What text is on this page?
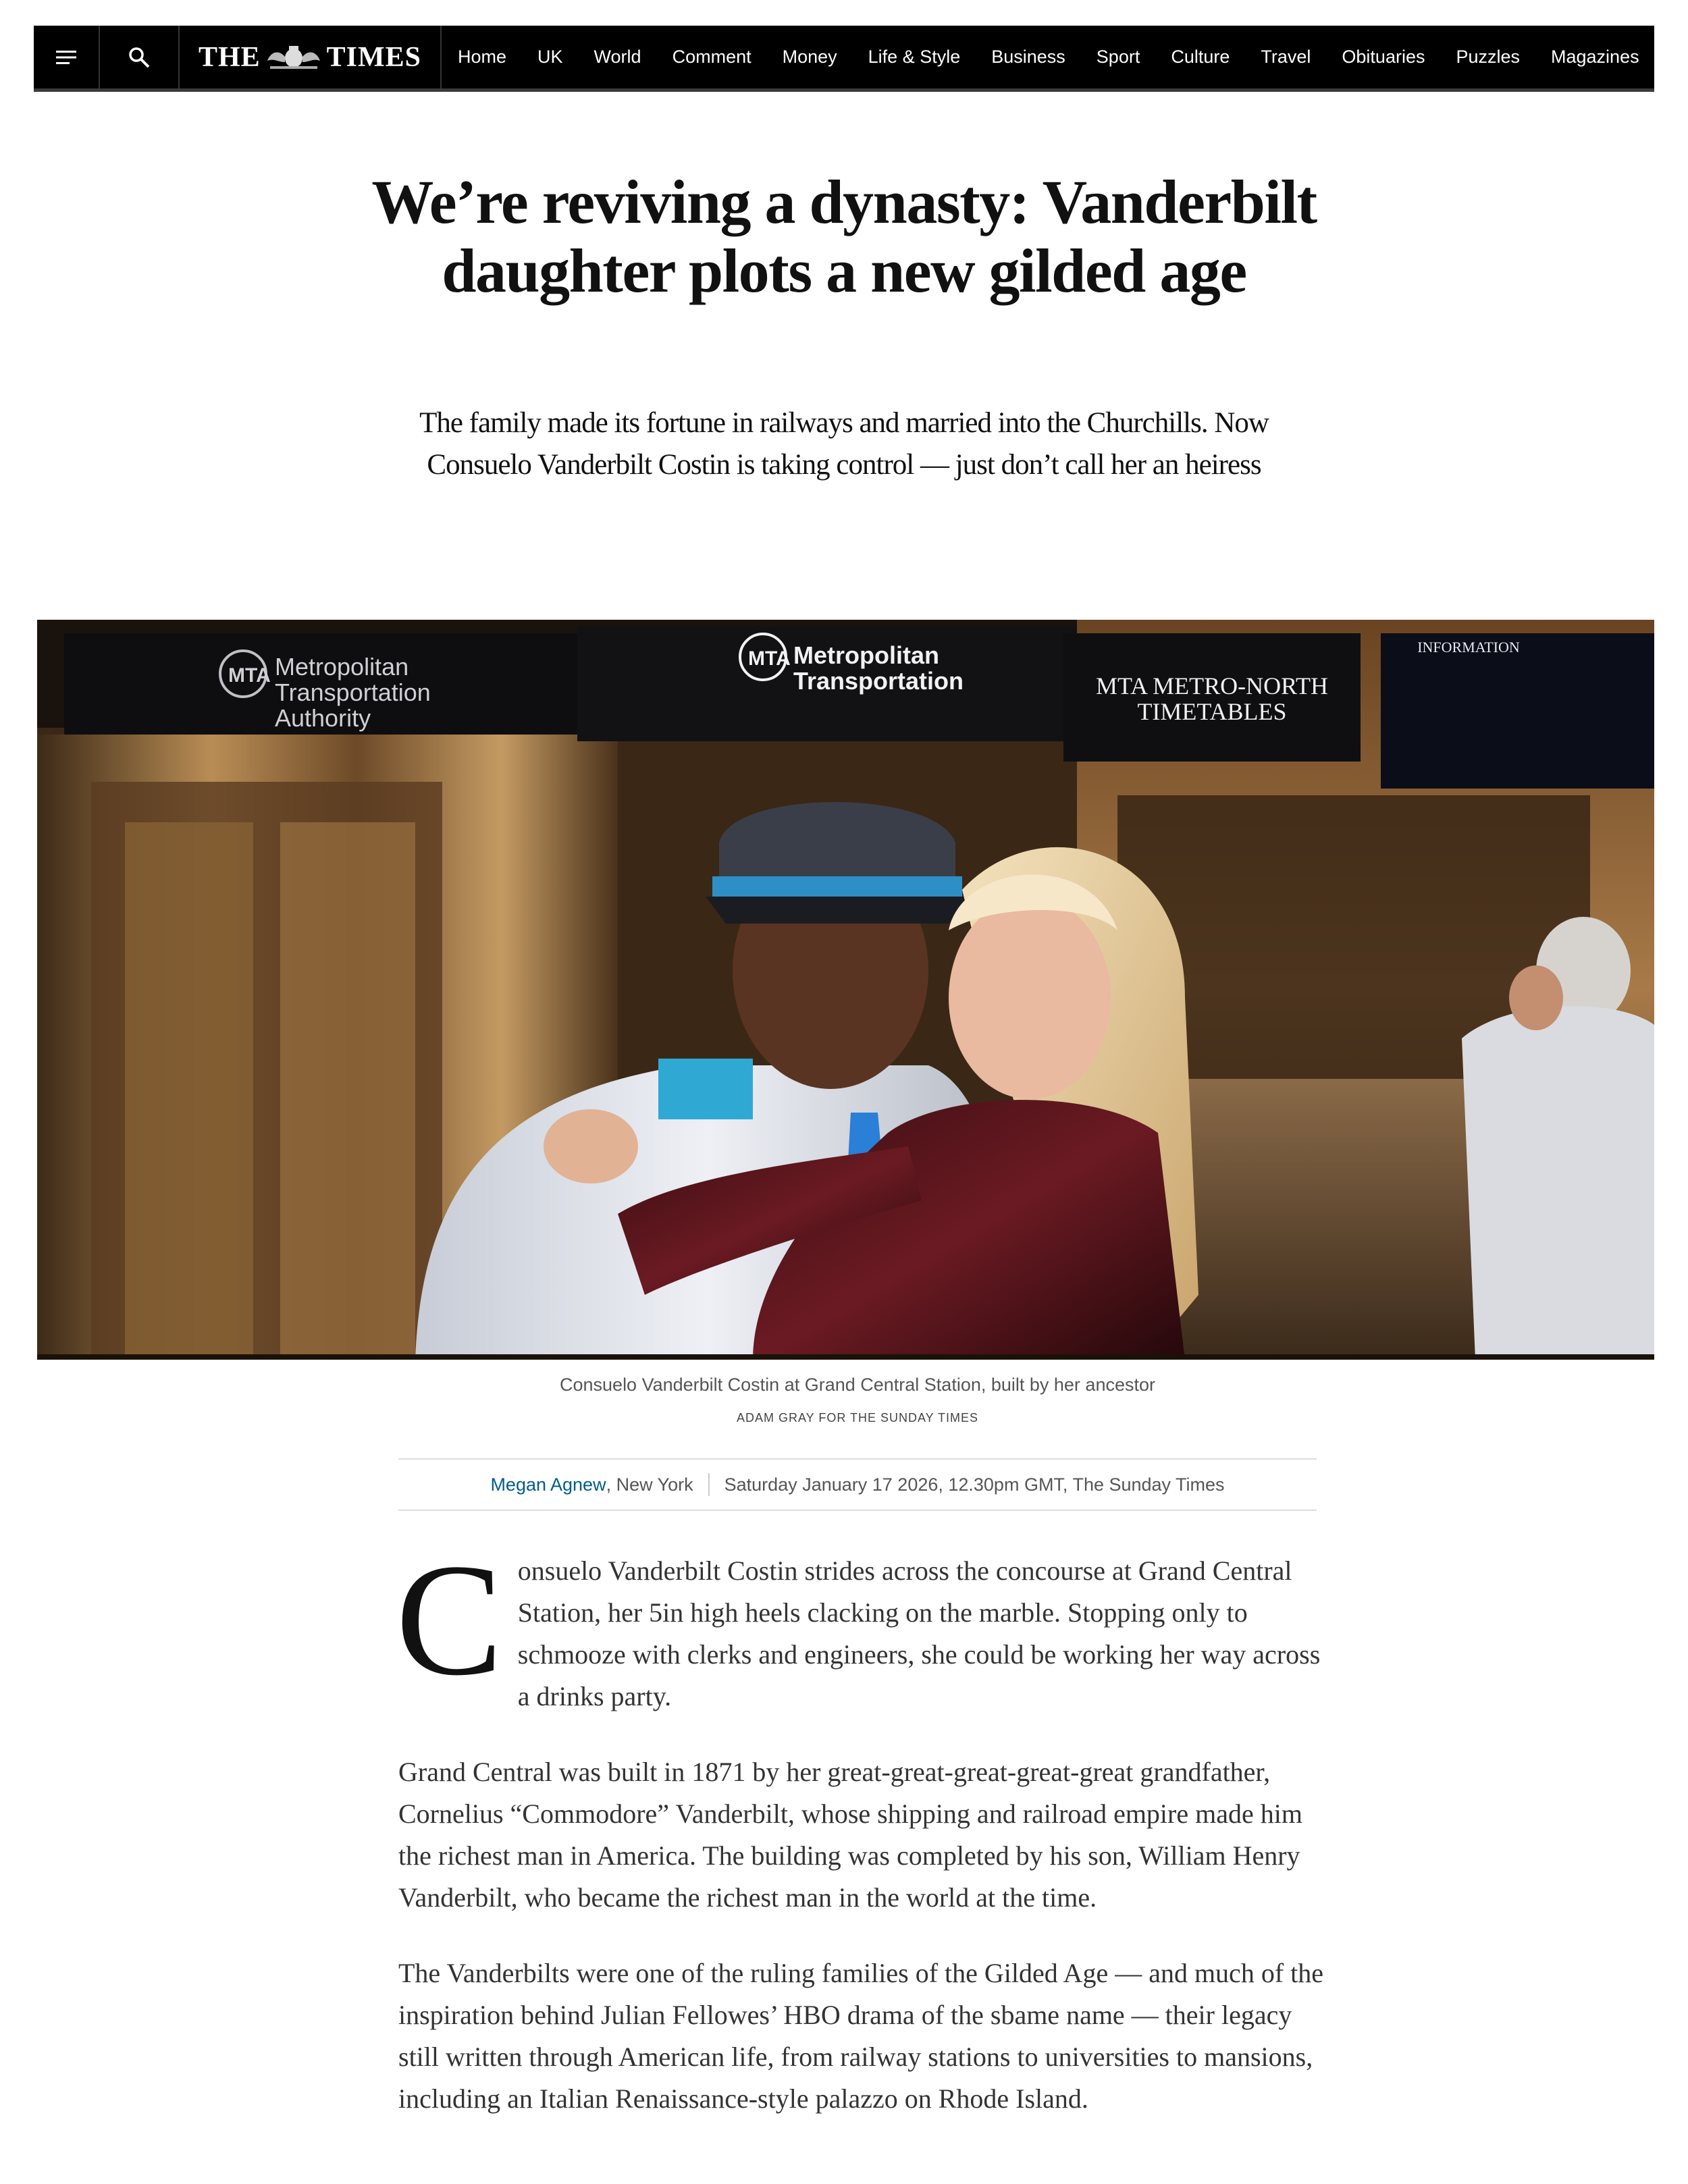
THE TIMES Home UK World Comment Money Life & Style Business Sport Culture Travel Obituaries Puzzles Magazines
We’re reviving a dynasty: Vanderbilt daughter plots a new gilded age

The family made its fortune in railways and married into the Churchills. Now Consuelo Vanderbilt Costin is taking control — just don’t call her an heiress

MTA Metropolitan
Transportation
Authority
MTA Metropolitan
Transportation	MTA METRO-NORTH
TIMETABLES
INFORMATION
Consuelo Vanderbilt Costin at Grand Central Station, built by her ancestor
ADAM GRAY FOR THE SUNDAY TIMES
Megan Agnew , New York Saturday January 17 2026, 12.30pm GMT, The Sunday Times

Consuelo Vanderbilt Costin strides across the concourse at Grand Central Station, her 5in high heels clacking on the marble. Stopping only to schmooze with clerks and engineers, she could be working her way across a drinks party.

Grand Central was built in 1871 by her great-great-great-great-great grandfather, Cornelius “Commodore” Vanderbilt, whose shipping and railroad empire made him the richest man in America. The building was completed by his son, William Henry Vanderbilt, who became the richest man in the world at the time.

The Vanderbilts were one of the ruling families of the Gilded Age — and much of the inspiration behind Julian Fellowes’ HBO drama of the sbame name — their legacy still written through American life, from railway stations to universities to mansions, including an Italian Renaissance-style palazzo on Rhode Island.
